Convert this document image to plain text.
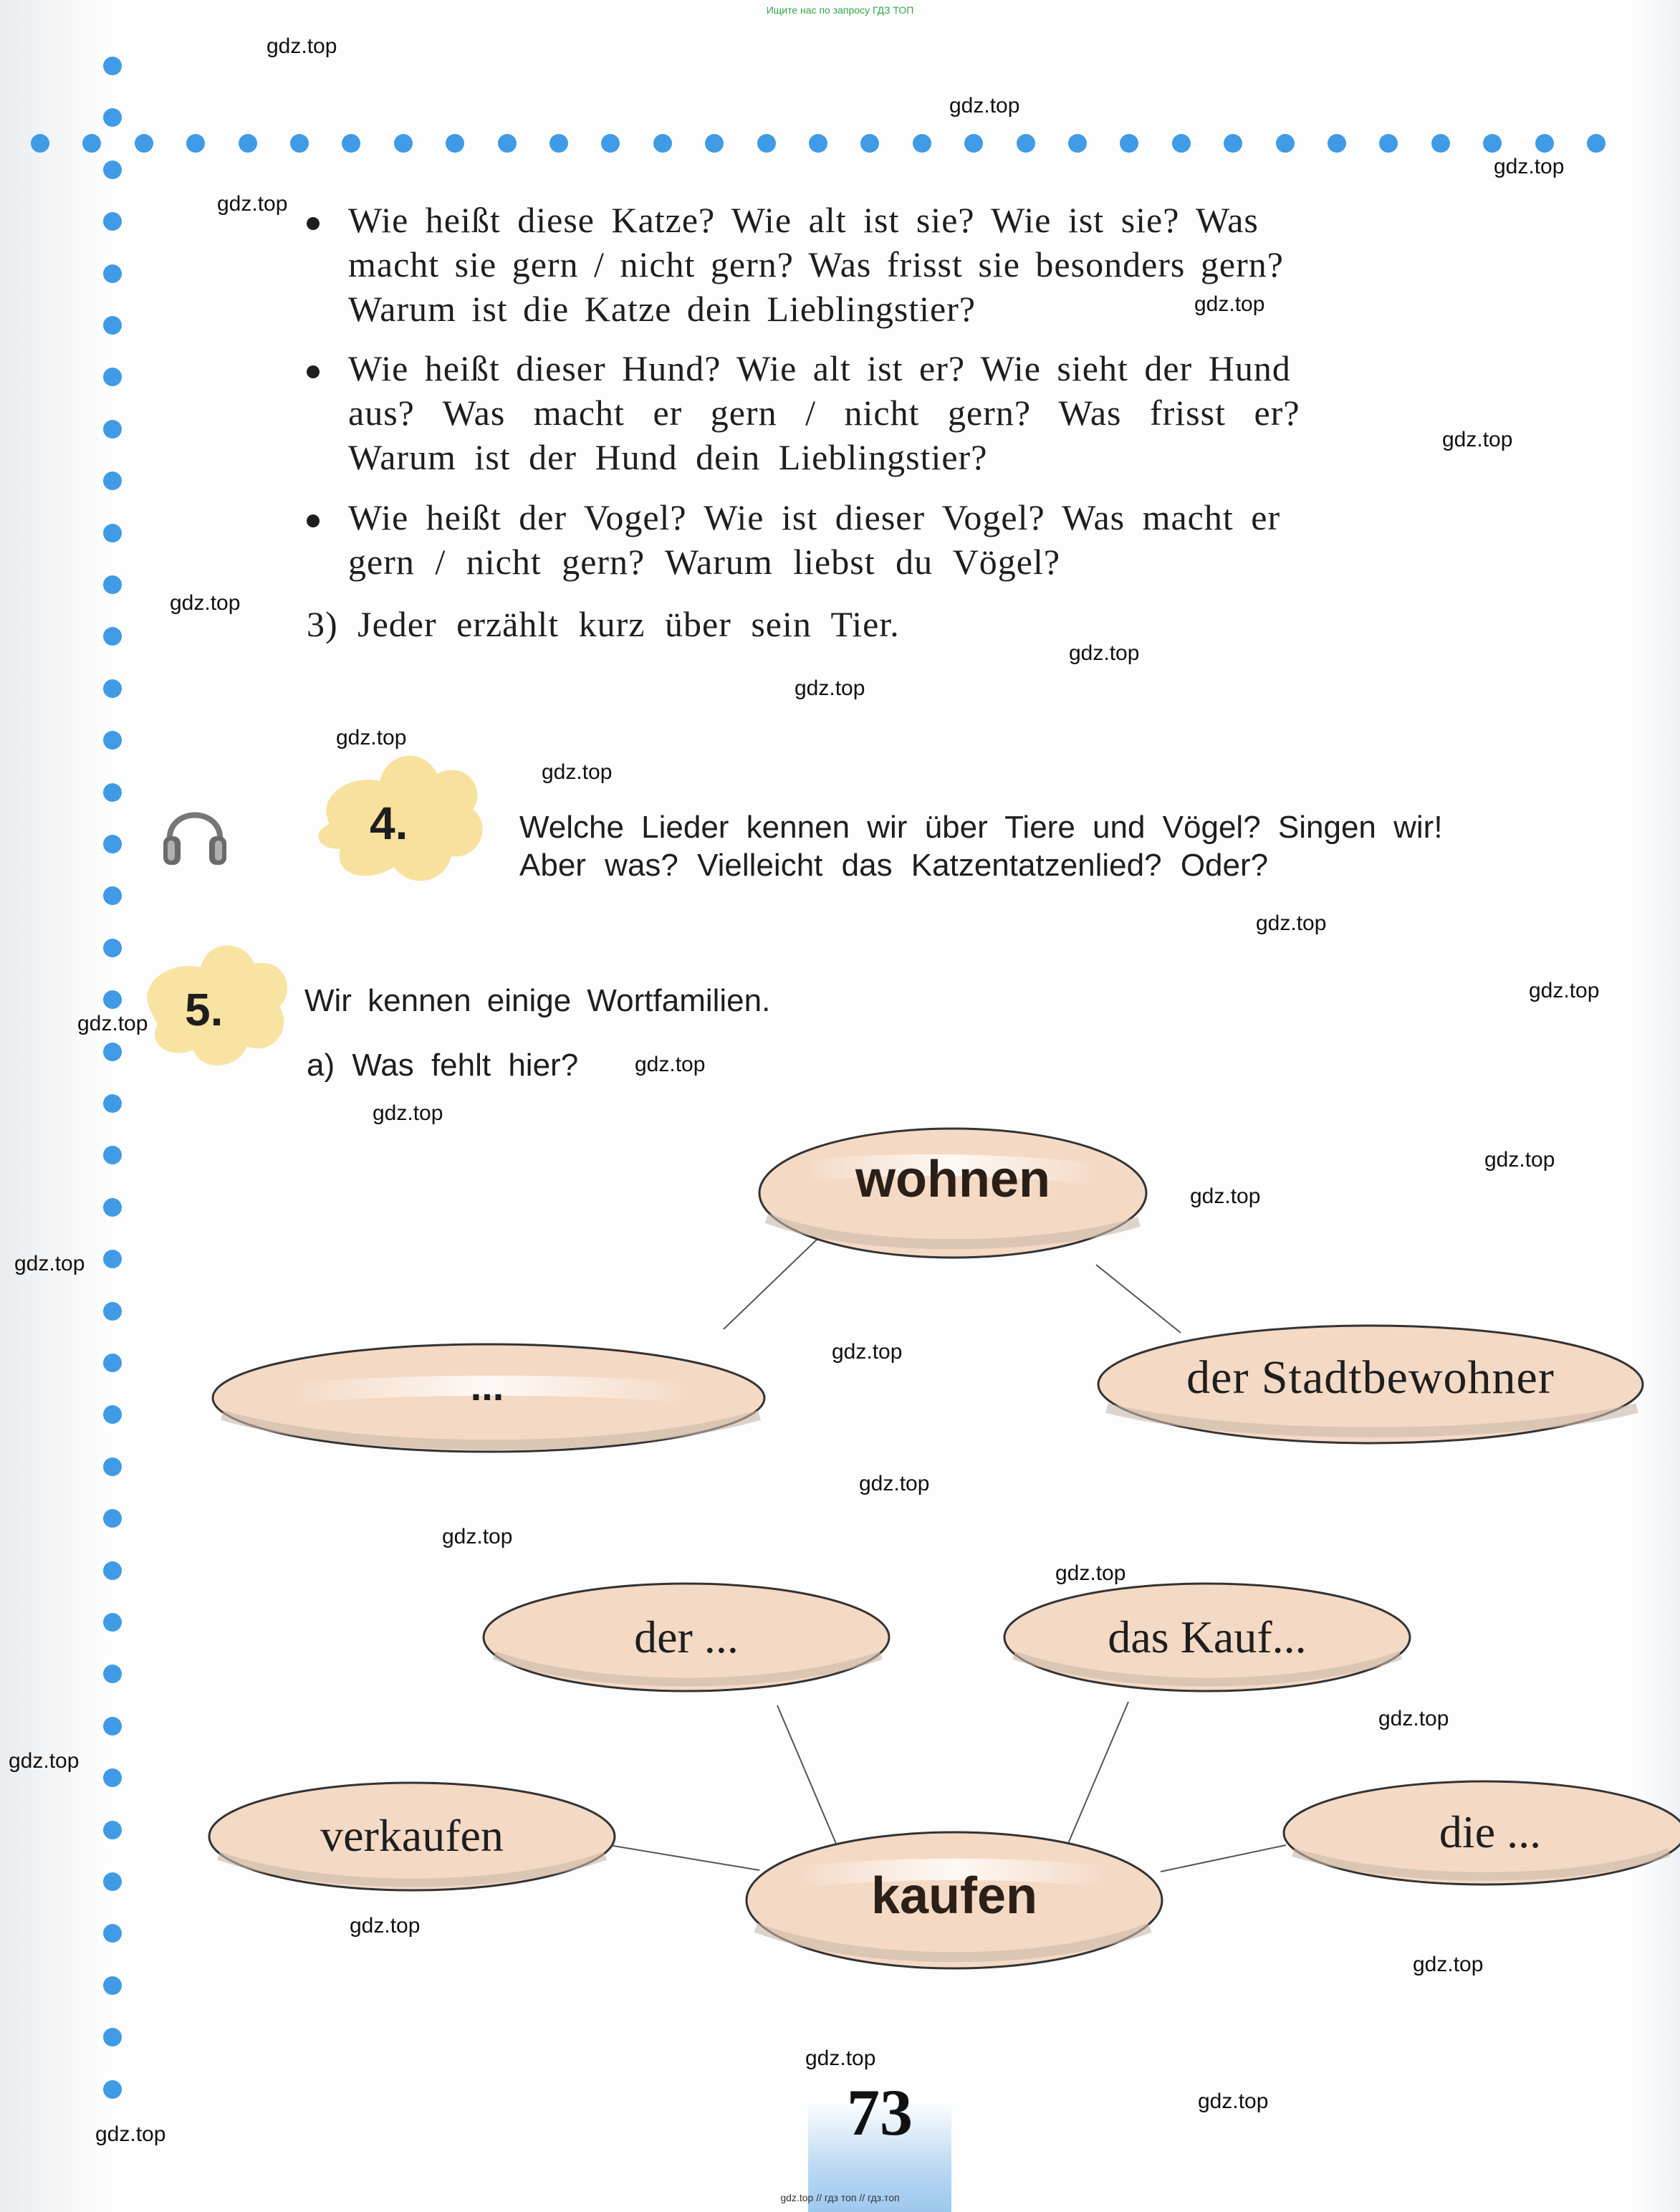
Ищите нас по запросу ГДЗ ТОП
gdz.top
gdz.top
gdz.top
gdz.top
gdz.top
gdz.top
gdz.top
gdz.top
gdz.top
gdz.top
gdz.top
gdz.top
gdz.top
gdz.top
gdz.top
gdz.top
gdz.top
gdz.top
gdz.top
gdz.top
gdz.top
gdz.top
gdz.top
gdz.top
gdz.top
gdz.top
gdz.top
gdz.top
gdz.top
gdz.top
Wie heißt diese Katze? Wie alt ist sie? Wie ist sie? Was
macht sie gern / nicht gern? Was frisst sie besonders gern?
Warum ist die Katze dein Lieblingstier?
Wie heißt dieser Hund? Wie alt ist er? Wie sieht der Hund
aus? Was macht er gern / nicht gern? Was frisst er?
Warum ist der Hund dein Lieblingstier?
Wie heißt der Vogel? Wie ist dieser Vogel? Was macht er
gern / nicht gern? Warum liebst du Vögel?
3) Jeder erzählt kurz über sein Tier.
4.	Welche Lieder kennen wir über Tiere und Vögel? Singen wir!
Aber was? Vielleicht das Katzentatzenlied? Oder?
5.	Wir kennen einige Wortfamilien.
a) Was fehlt hier?
wohnen
...	der Stadtbewohner
der ...	das Kauf...
verkaufen	die ...
kaufen
73
gdz.top // гдз топ // гдз.топ
